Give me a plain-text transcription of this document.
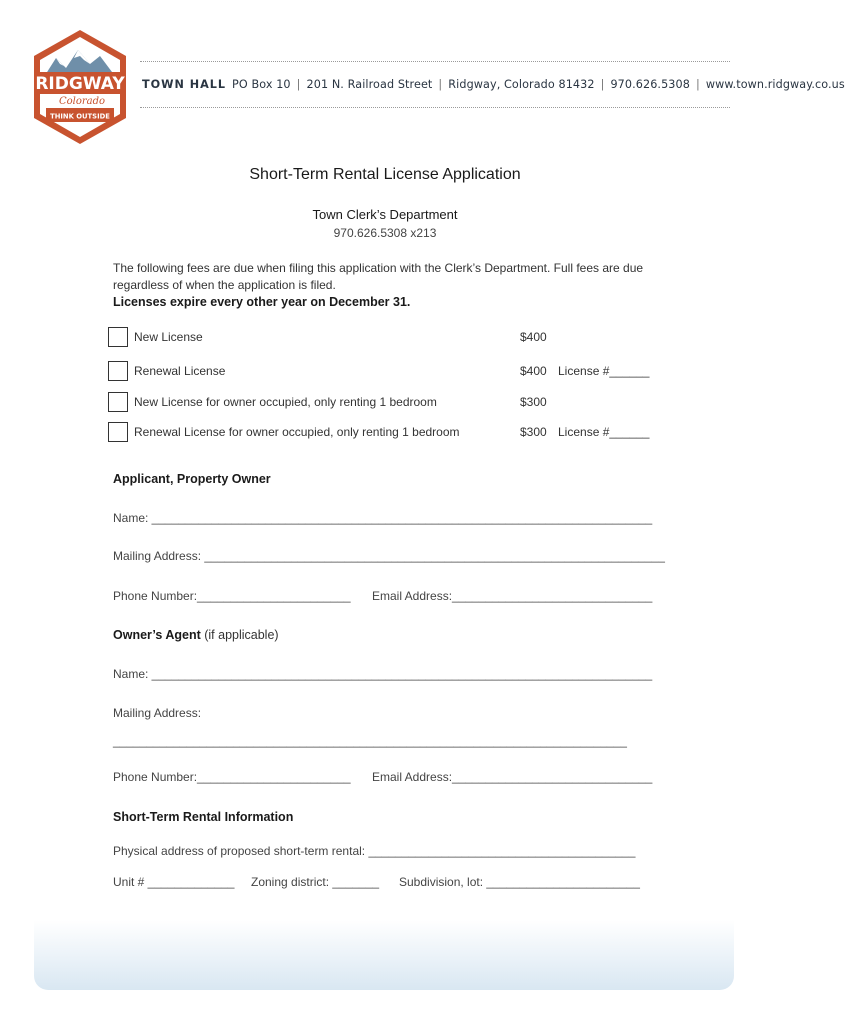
RIDGWAY
Colorado
THINK OUTSIDE
TOWN HALL PO Box 10 | 201 N. Railroad Street | Ridgway, Colorado 81432 | 970.626.5308 | www.town.ridgway.co.us
Short-Term Rental License Application
Town Clerk’s Department
970.626.5308 x213
The following fees are due when filing this application with the Clerk’s Department. Full fees are due regardless of when the application is filed.
Licenses expire every other year on December 31.
New License	$400
Renewal License	$400 License #______
New License for owner occupied, only renting 1 bedroom	$300
Renewal License for owner occupied, only renting 1 bedroom	$300 License #______
Applicant, Property Owner
Name: ___________________________________________________________________________
Mailing Address: _____________________________________________________________________
Phone Number:_______________________ Email Address:______________________________
Owner’s Agent (if applicable)
Name: ___________________________________________________________________________
Mailing Address:
_____________________________________________________________________________
Phone Number:_______________________ Email Address:______________________________
Short-Term Rental Information
Physical address of proposed short-term rental: ________________________________________
Unit # _____________ Zoning district: _______ Subdivision, lot: _______________________
